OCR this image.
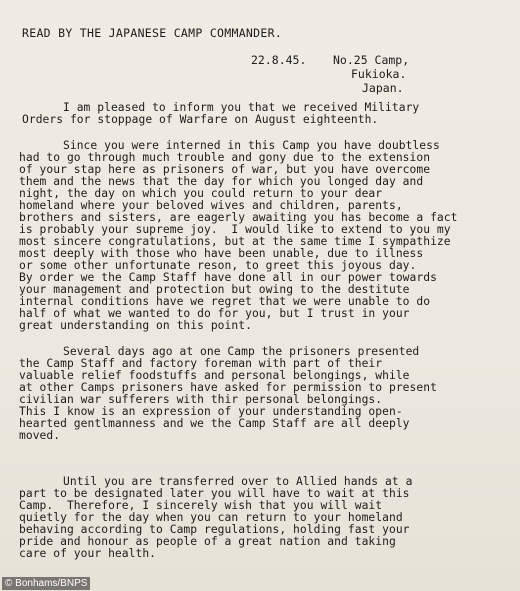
READ BY THE JAPANESE CAMP COMMANDER.
22.8.45. No.25 Camp,
Fukioka.
Japan.
I am pleased to inform you that we received Military
Orders for stoppage of Warfare on August eighteenth.
Since you were interned in this Camp you have doubtless
had to go through much trouble and gony due to the extension
of your stap here as prisoners of war, but you have overcome
them and the news that the day for which you longed day and
night, the day on which you could return to your dear
homeland where your beloved wives and children, parents,
brothers and sisters, are eagerly awaiting you has become a fact
is probably your supreme joy.  I would like to extend to you my
most sincere congratulations, but at the same time I sympathize
most deeply with those who have been unable, due to illness
or some other unfortunate reson, to greet this joyous day.
By order we the Camp Staff have done all in our power towards
your management and protection but owing to the destitute
internal conditions have we regret that we were unable to do
half of what we wanted to do for you, but I trust in your
great understanding on this point.
Several days ago at one Camp the prisoners presented
the Camp Staff and factory foreman with part of their
valuable relief foodstuffs and personal belongings, while
at other Camps prisoners have asked for permission to present
civilian war sufferers with thir personal belongings.
This I know is an expression of your understanding open-
hearted gentlmanness and we the Camp Staff are all deeply
moved.
Until you are transferred over to Allied hands at a
part to be designated later you will have to wait at this
Camp.  Therefore, I sincerely wish that you will wait
quietly for the day when you can return to your homeland
behaving according to Camp regulations, holding fast your
pride and honour as people of a great nation and taking
care of your health.
© Bonhams/BNPS
